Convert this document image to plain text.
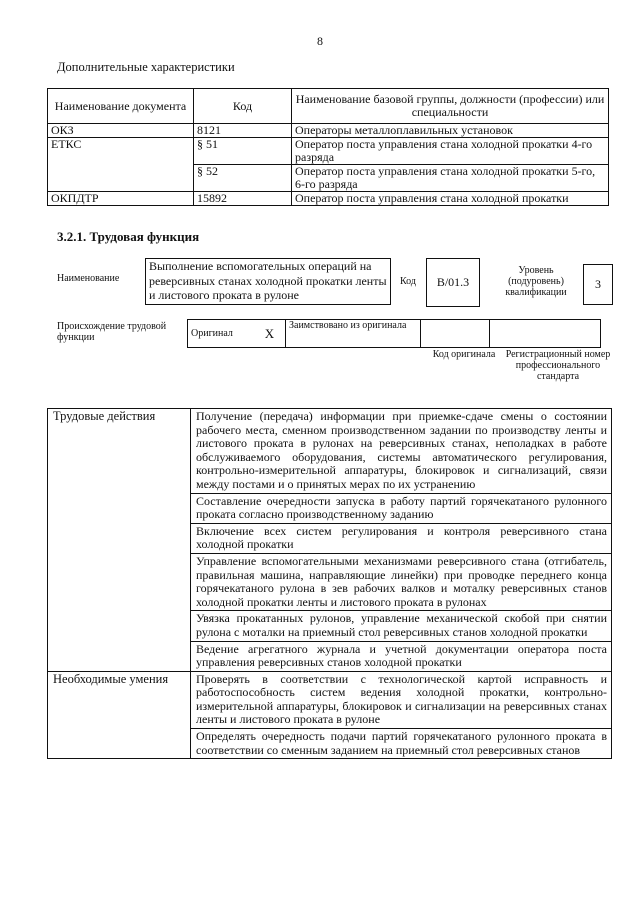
8
Дополнительные характеристики
Наименование документа	Код	Наименование базовой группы, должности (профессии) или специальности
ОКЗ	8121	Операторы металлоплавильных установок
ЕТКС	§ 51	Оператор поста управления стана холодной прокатки 4-го разряда
	§ 52	Оператор поста управления стана холодной прокатки 5-го, 6-го разряда
ОКПДТР	15892	Оператор поста управления стана холодной прокатки
3.2.1. Трудовая функция
Наименование
Выполнение вспомогательных операций на реверсивных станах холодной прокатки ленты и листового проката в рулоне
Код	В/01.3
Уровень (подуровень) квалификации
3
Происхождение трудовой функции	Оригинал	X	Заимствовано из оригинала		
Код оригинала	Регистрационный номер профессионального стандарта
Трудовые действия	Получение (передача) информации при приемке-сдаче смены о состоянии рабочего места, сменном производственном задании по производству ленты и листового проката в рулонах на реверсивных станах, неполадках в работе обслуживаемого оборудования, системы автоматического регулирования, контрольно-измерительной аппаратуры, блокировок и сигнализаций, связи между постами и о принятых мерах по их устранению
	Составление очередности запуска в работу партий горячекатаного рулонного проката согласно производственному заданию
	Включение всех систем регулирования и контроля реверсивного стана холодной прокатки
	Управление вспомогательными механизмами реверсивного стана (отгибатель, правильная машина, направляющие линейки) при проводке переднего конца горячекатаного рулона в зев рабочих валков и моталку реверсивных станов холодной прокатки ленты и листового проката в рулонах
	Увязка прокатанных рулонов, управление механической скобой при снятии рулона с моталки на приемный стол реверсивных станов холодной прокатки
	Ведение агрегатного журнала и учетной документации оператора поста управления реверсивных станов холодной прокатки
Необходимые умения	Проверять в соответствии с технологической картой исправность и работоспособность систем ведения холодной прокатки, контрольно-измерительной аппаратуры, блокировок и сигнализации на реверсивных станах ленты и листового проката в рулоне
	Определять очередность подачи партий горячекатаного рулонного проката в соответствии со сменным заданием на приемный стол реверсивных станов
